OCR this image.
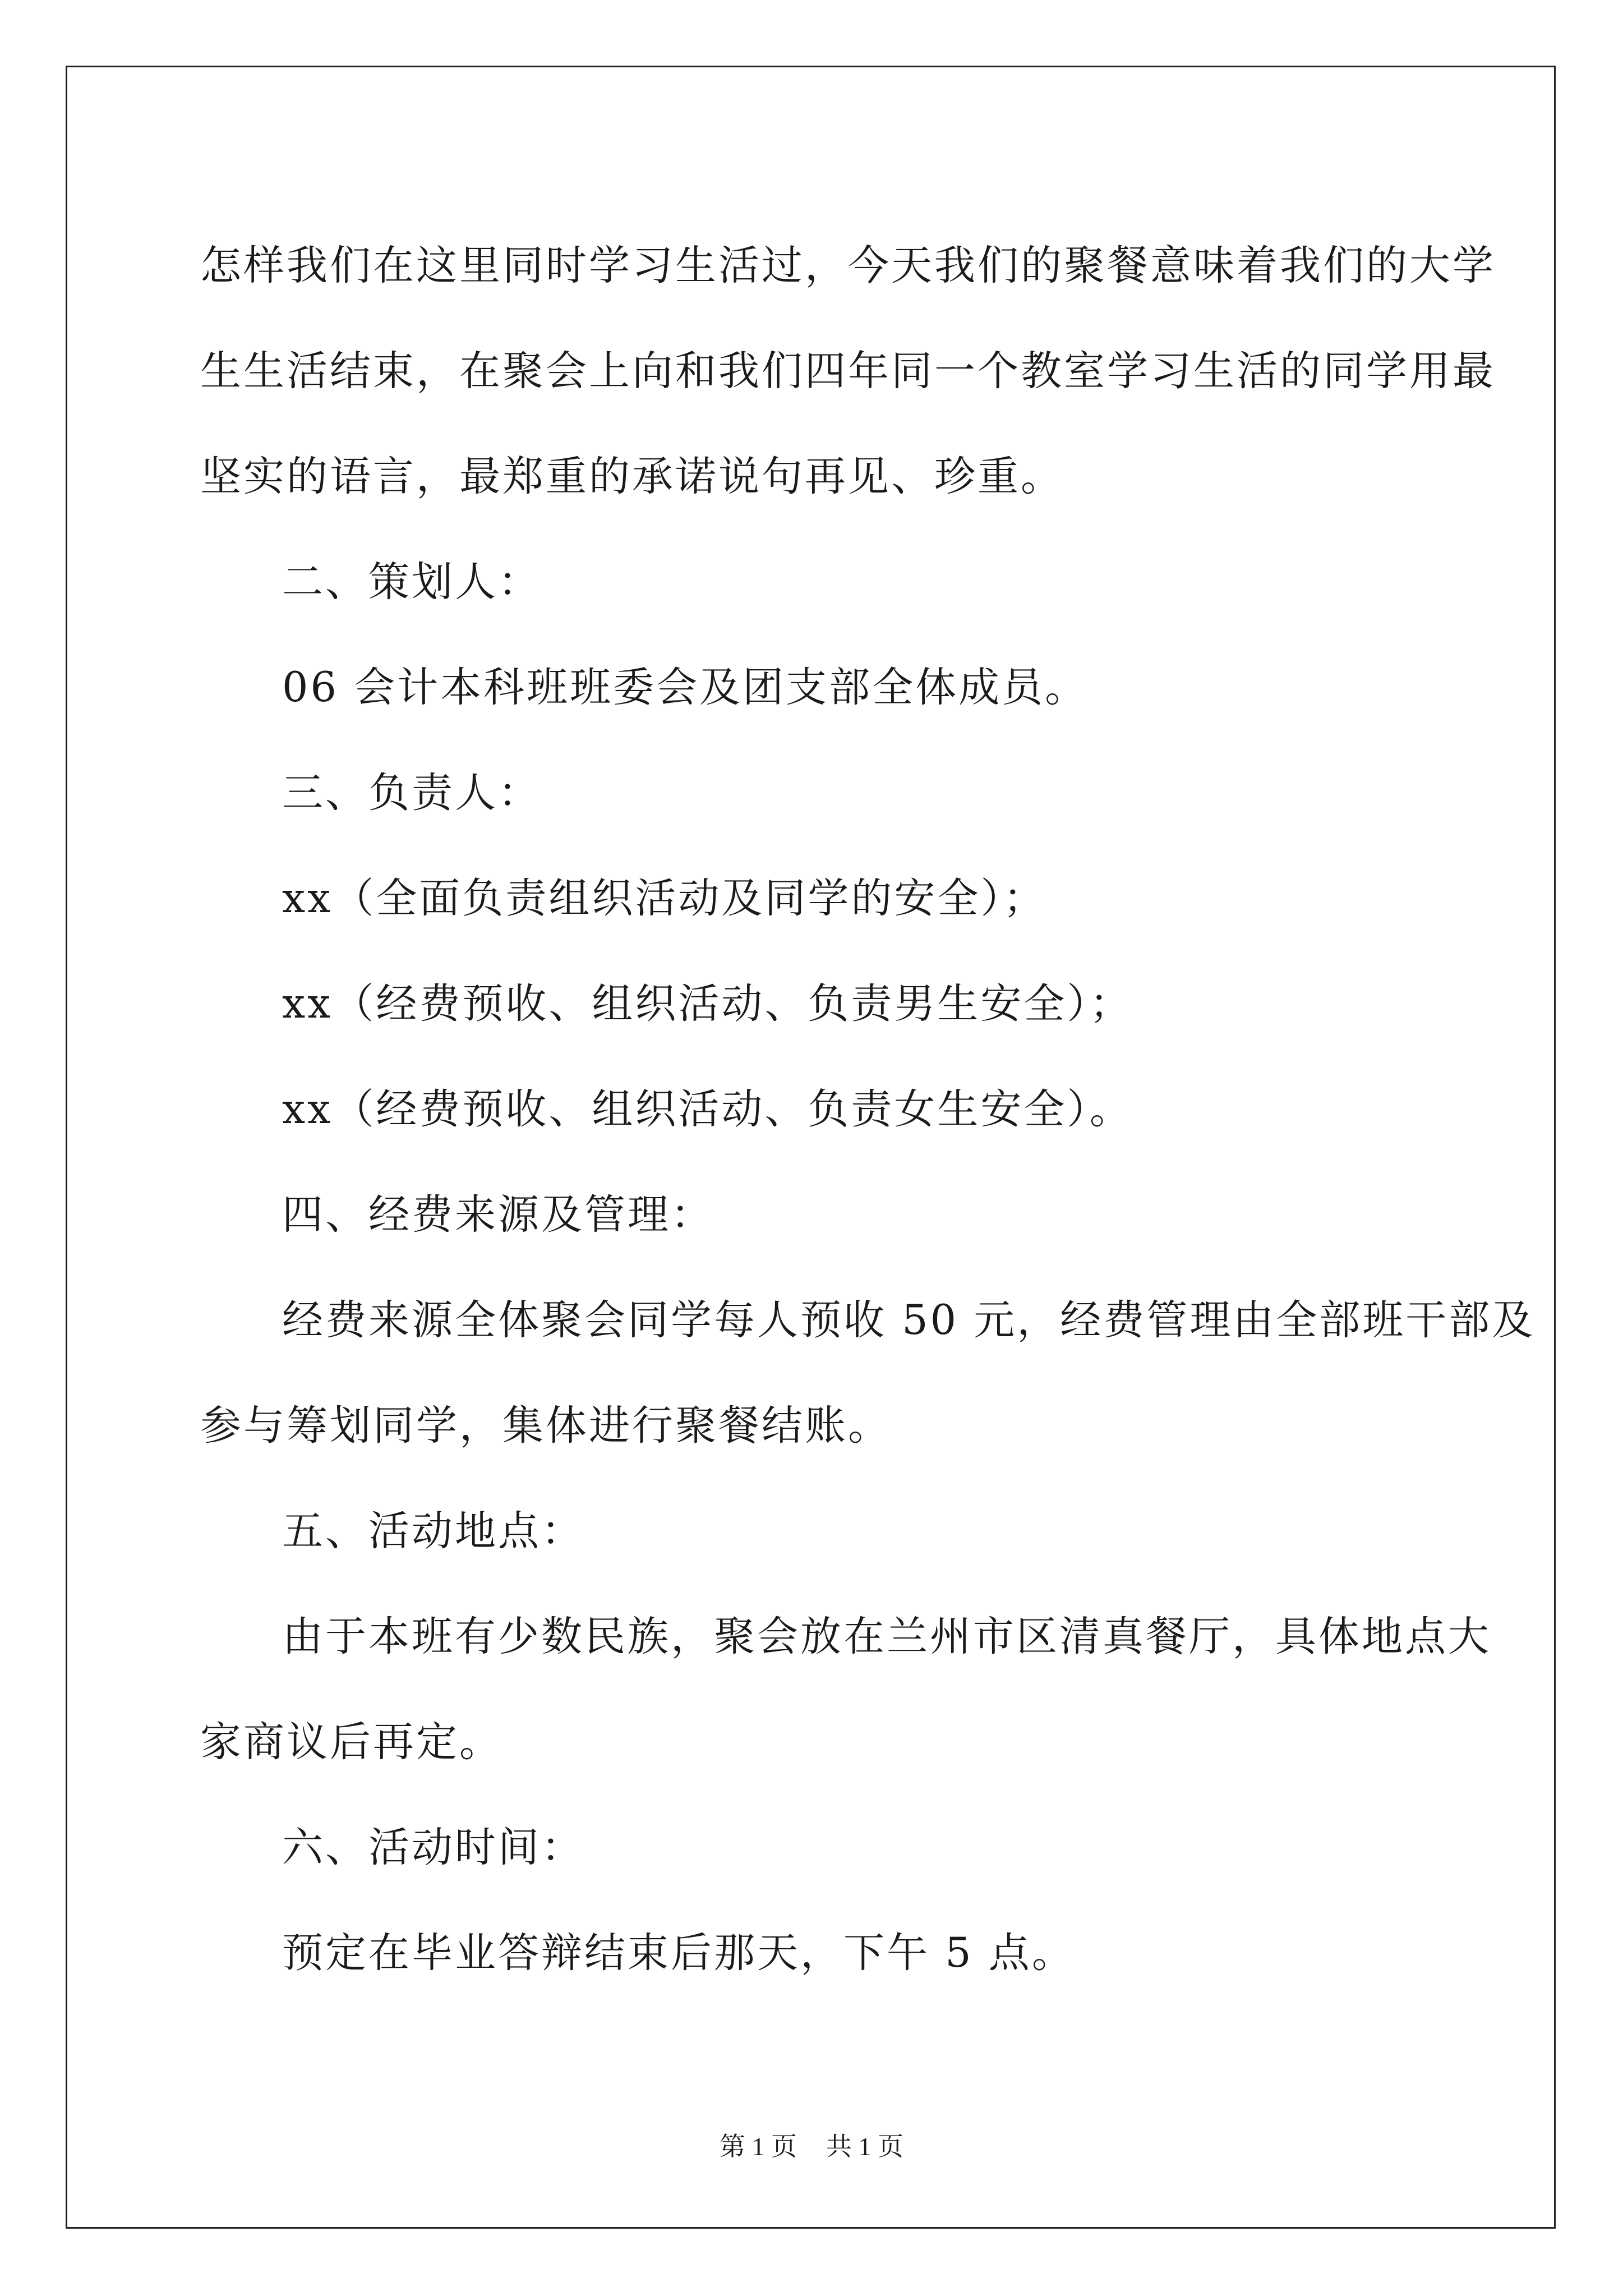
怎样我们在这里同时学习生活过，今天我们的聚餐意味着我们的大学

生生活结束，在聚会上向和我们四年同一个教室学习生活的同学用最

坚实的语言，最郑重的承诺说句再见、珍重。

二、策划人：

06 会计本科班班委会及团支部全体成员。

三、负责人：

xx（全面负责组织活动及同学的安全）；

xx（经费预收、组织活动、负责男生安全）；

xx（经费预收、组织活动、负责女生安全）。

四、经费来源及管理：

经费来源全体聚会同学每人预收 50 元，经费管理由全部班干部及

参与筹划同学，集体进行聚餐结账。

五、活动地点：

由于本班有少数民族，聚会放在兰州市区清真餐厅，具体地点大

家商议后再定。

六、活动时间：

预定在毕业答辩结束后那天，下午 5 点。

第 1 页 共 1 页
